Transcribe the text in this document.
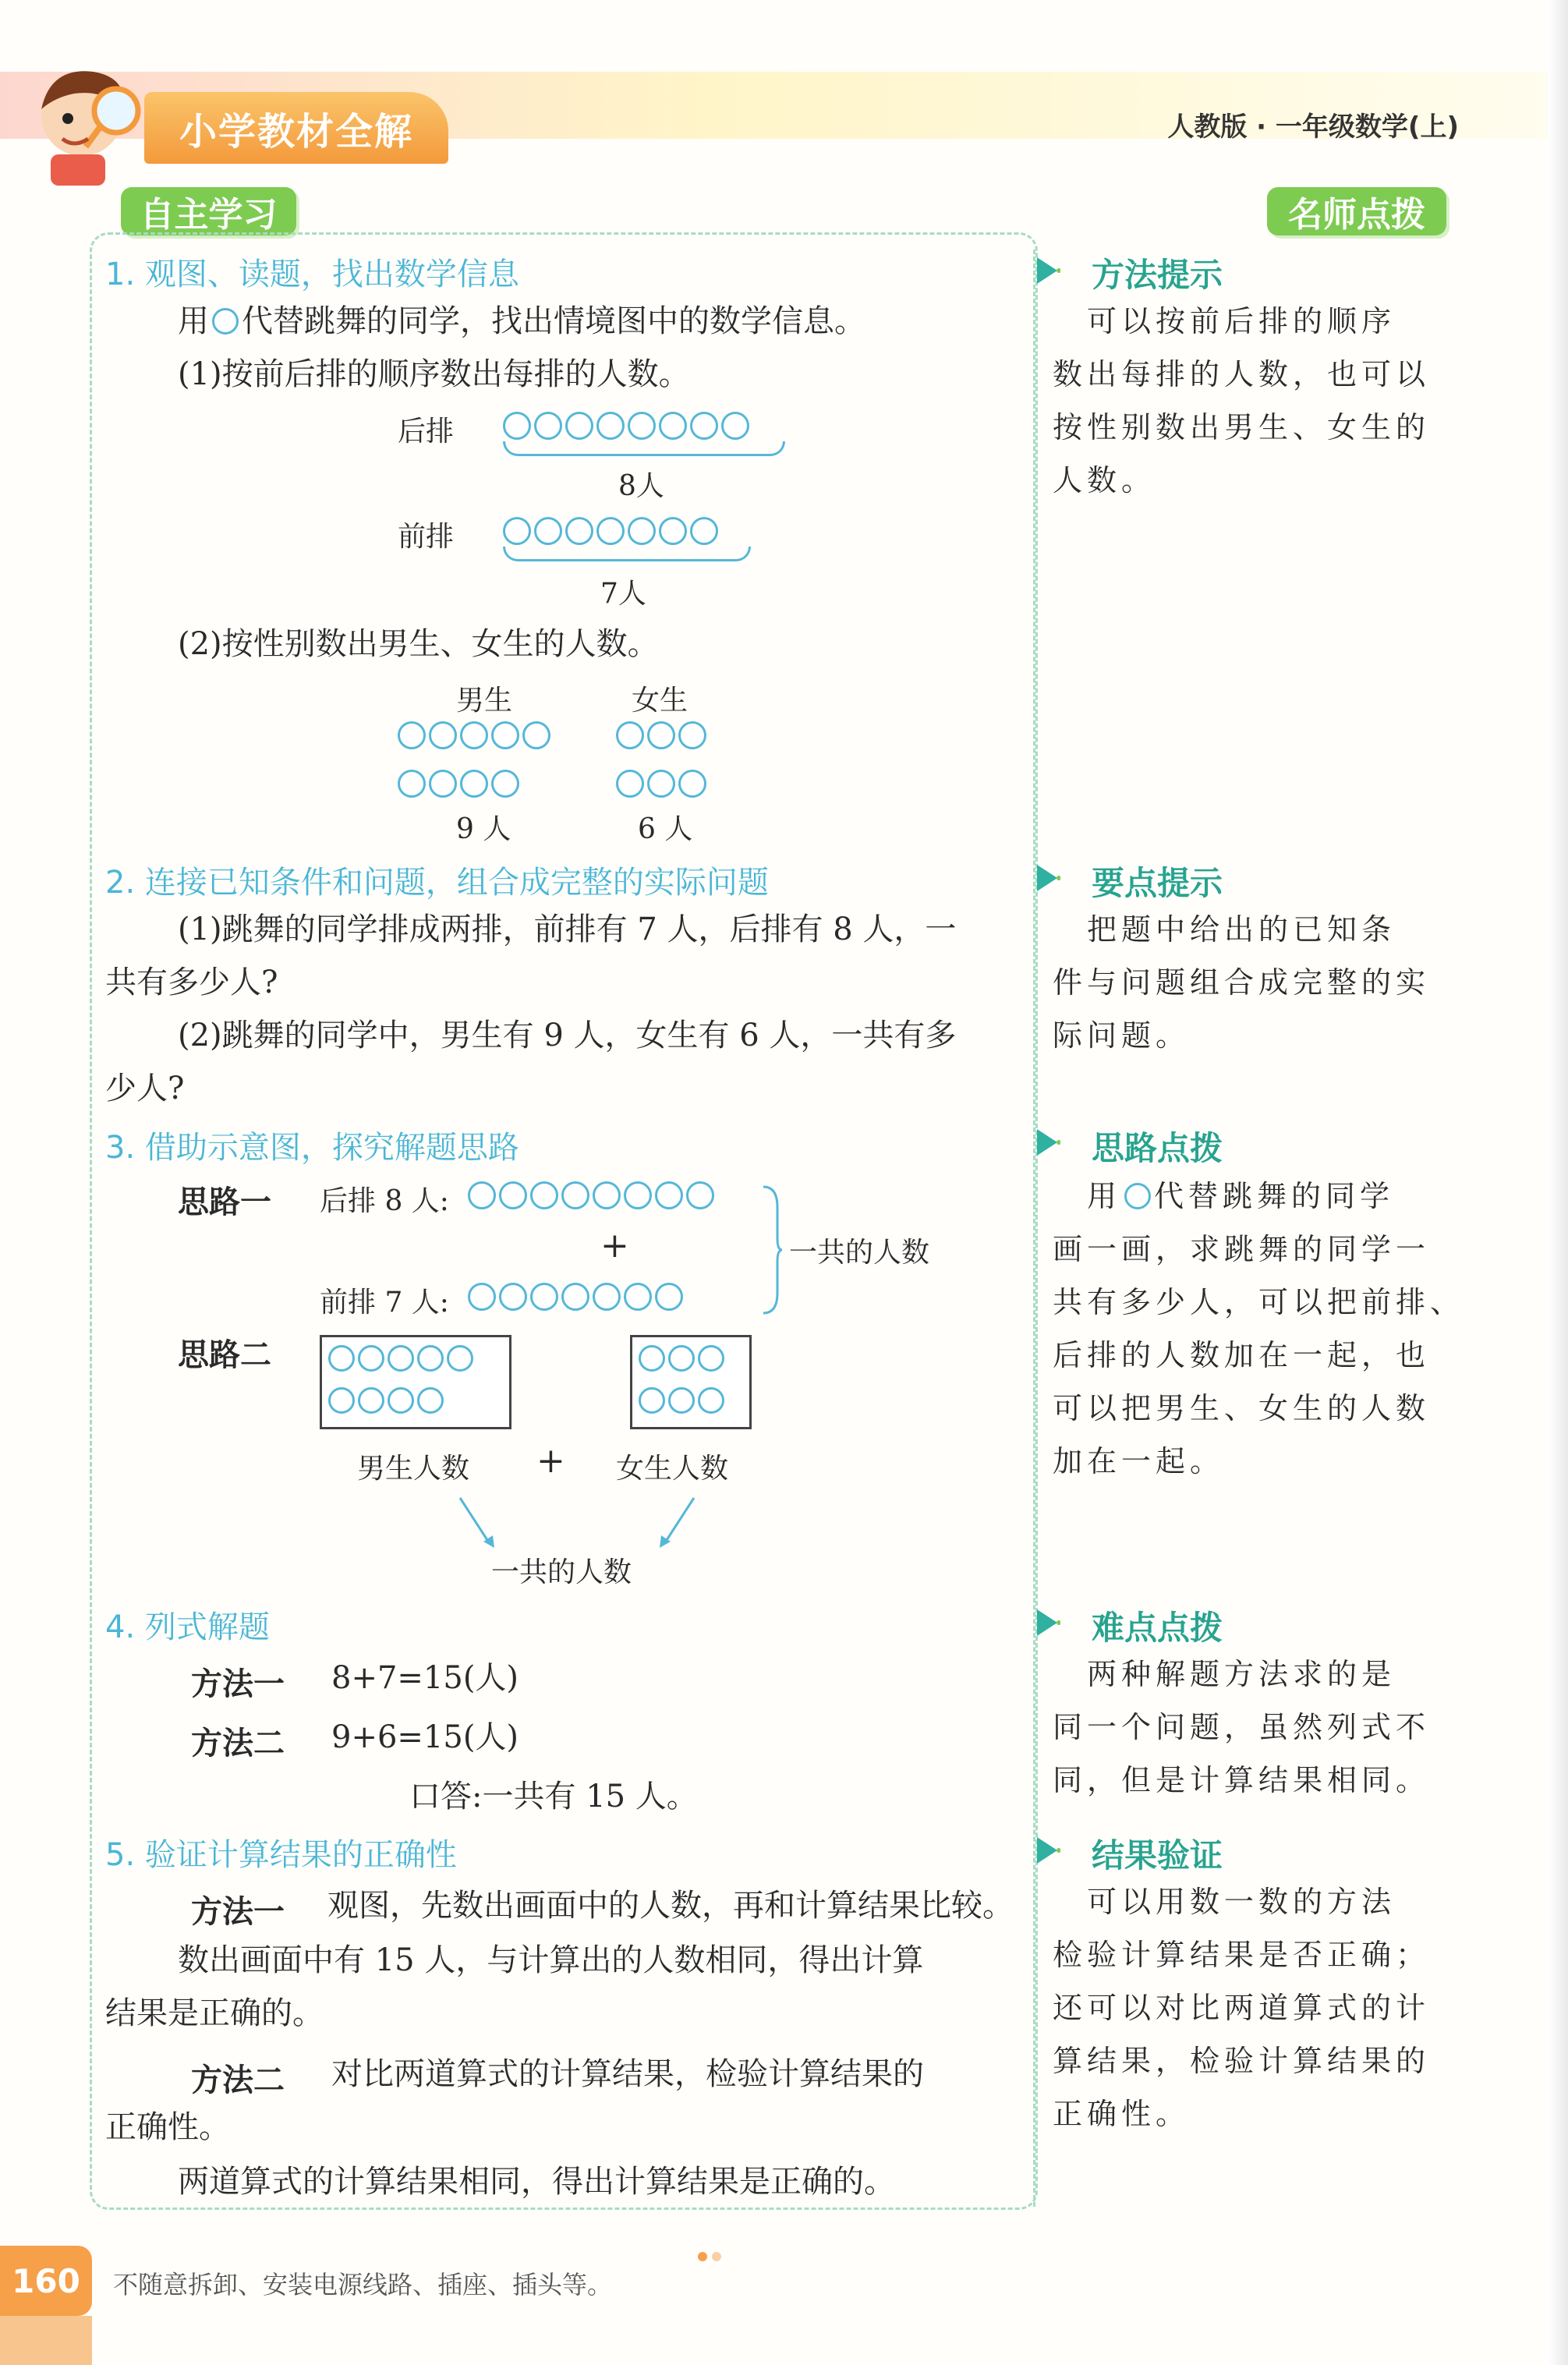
小学教材全解	人教版 · 一年级数学(上)
自主学习	名师点拨
1. 观图、读题，找出数学信息
用 代替跳舞的同学，找出情境图中的数学信息。
(1)按前后排的顺序数出每排的人数。
后排
8人
前排
7人
(2)按性别数出男生、女生的人数。
男生	女生
9 人	6 人
2. 连接已知条件和问题，组合成完整的实际问题
(1)跳舞的同学排成两排，前排有 7 人，后排有 8 人，一
共有多少人?
(2)跳舞的同学中，男生有 9 人，女生有 6 人，一共有多
少人?
3. 借助示意图，探究解题思路
思路一 后排 8 人:
+
前排 7 人:
一共的人数
思路二
男生人数 + 女生人数
一共的人数
4. 列式解题
方法一 8+7=15(人)
方法二 9+6=15(人)
口答:一共有 15 人。
5. 验证计算结果的正确性
方法一 观图，先数出画面中的人数，再和计算结果比较。
数出画面中有 15 人，与计算出的人数相同，得出计算
结果是正确的。
方法二 对比两道算式的计算结果，检验计算结果的
正确性。
两道算式的计算结果相同，得出计算结果是正确的。
方法提示
　可以按前后排的顺序
数出每排的人数，也可以
按性别数出男生、女生的
人数。
要点提示
　把题中给出的已知条
件与问题组合成完整的实
际问题。
思路点拨
　用 代替跳舞的同学
画一画，求跳舞的同学一
共有多少人，可以把前排、
后排的人数加在一起，也
可以把男生、女生的人数
加在一起。
难点点拨
　两种解题方法求的是
同一个问题，虽然列式不
同，但是计算结果相同。
结果验证
　可以用数一数的方法
检验计算结果是否正确；
还可以对比两道算式的计
算结果，检验计算结果的
正确性。
160	不随意拆卸、安装电源线路、插座、插头等。
